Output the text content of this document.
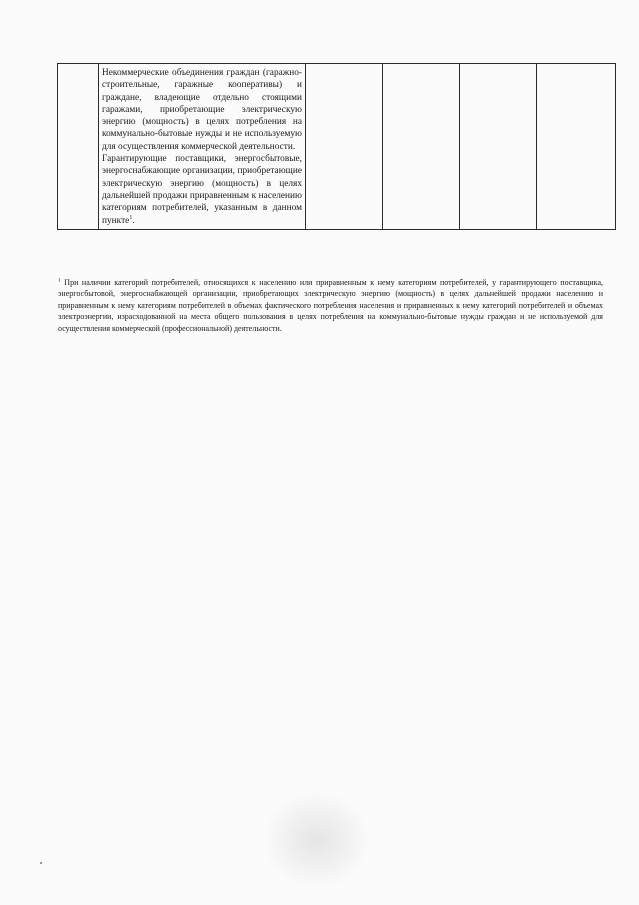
Некоммерческие объединения граждан (гаражно-строительные, гаражные кооперативы) и граждане, владеющие отдельно стоящими гаражами, приобретающие электрическую энергию (мощность) в целях потребления на коммунально-бытовые нужды и не используемую для осуществления коммерческой деятельности.

Гарантирующие поставщики, энергосбытовые, энергоснабжающие организации, приобретающие электрическую энергию (мощность) в целях дальнейшей продажи приравненным к населению категориям потребителей, указанным в данном пункте$^1$.

$^1$ При наличии категорий потребителей, относящихся к населению или приравненным к нему категориям потребителей, у гарантирующего поставщика, энергосбытовой, энергоснабжающей организации, приобретающих электрическую энергию (мощность) в целях дальнейшей продажи населению и приравненным к нему категориям потребителей в объемах фактического потребления населения и приравненных к нему категорий потребителей и объемах электроэнергии, израсходованной на места общего пользования в целях потребления на коммунально-бытовые нужды граждан и не используемой для осуществления коммерческой (профессиональной) деятельности.
